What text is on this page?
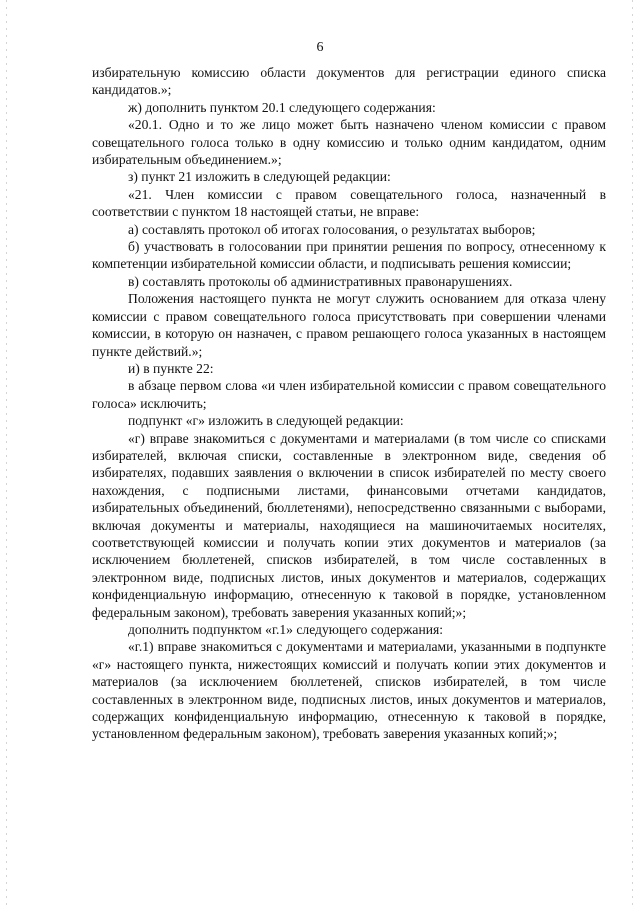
6

избирательную комиссию области документов для регистрации единого списка кандидатов.»;

ж) дополнить пунктом 20.1 следующего содержания:

«20.1. Одно и то же лицо может быть назначено членом комиссии с правом совещательного голоса только в одну комиссию и только одним кандидатом, одним избирательным объединением.»;

з) пункт 21 изложить в следующей редакции:

«21. Член комиссии с правом совещательного голоса, назначенный в соответствии с пунктом 18 настоящей статьи, не вправе:

а) составлять протокол об итогах голосования, о результатах выборов;

б) участвовать в голосовании при принятии решения по вопросу, отнесенному к компетенции избирательной комиссии области, и подписывать решения комиссии;

в) составлять протоколы об административных правонарушениях.

Положения настоящего пункта не могут служить основанием для отказа члену комиссии с правом совещательного голоса присутствовать при совершении членами комиссии, в которую он назначен, с правом решающего голоса указанных в настоящем пункте действий.»;

и) в пункте 22:

в абзаце первом слова «и член избирательной комиссии с правом совещательного голоса» исключить;

подпункт «г» изложить в следующей редакции:

«г) вправе знакомиться с документами и материалами (в том числе со списками избирателей, включая списки, составленные в электронном виде, сведения об избирателях, подавших заявления о включении в список избирателей по месту своего нахождения, с подписными листами, финансовыми отчетами кандидатов, избирательных объединений, бюллетенями), непосредственно связанными с выборами, включая документы и материалы, находящиеся на машиночитаемых носителях, соответствующей комиссии и получать копии этих документов и материалов (за исключением бюллетеней, списков избирателей, в том числе составленных в электронном виде, подписных листов, иных документов и материалов, содержащих конфиденциальную информацию, отнесенную к таковой в порядке, установленном федеральным законом), требовать заверения указанных копий;»;

дополнить подпунктом «г.1» следующего содержания:

«г.1) вправе знакомиться с документами и материалами, указанными в подпункте «г» настоящего пункта, нижестоящих комиссий и получать копии этих документов и материалов (за исключением бюллетеней, списков избирателей, в том числе составленных в электронном виде, подписных листов, иных документов и материалов, содержащих конфиденциальную информацию, отнесенную к таковой в порядке, установленном федеральным законом), требовать заверения указанных копий;»;
